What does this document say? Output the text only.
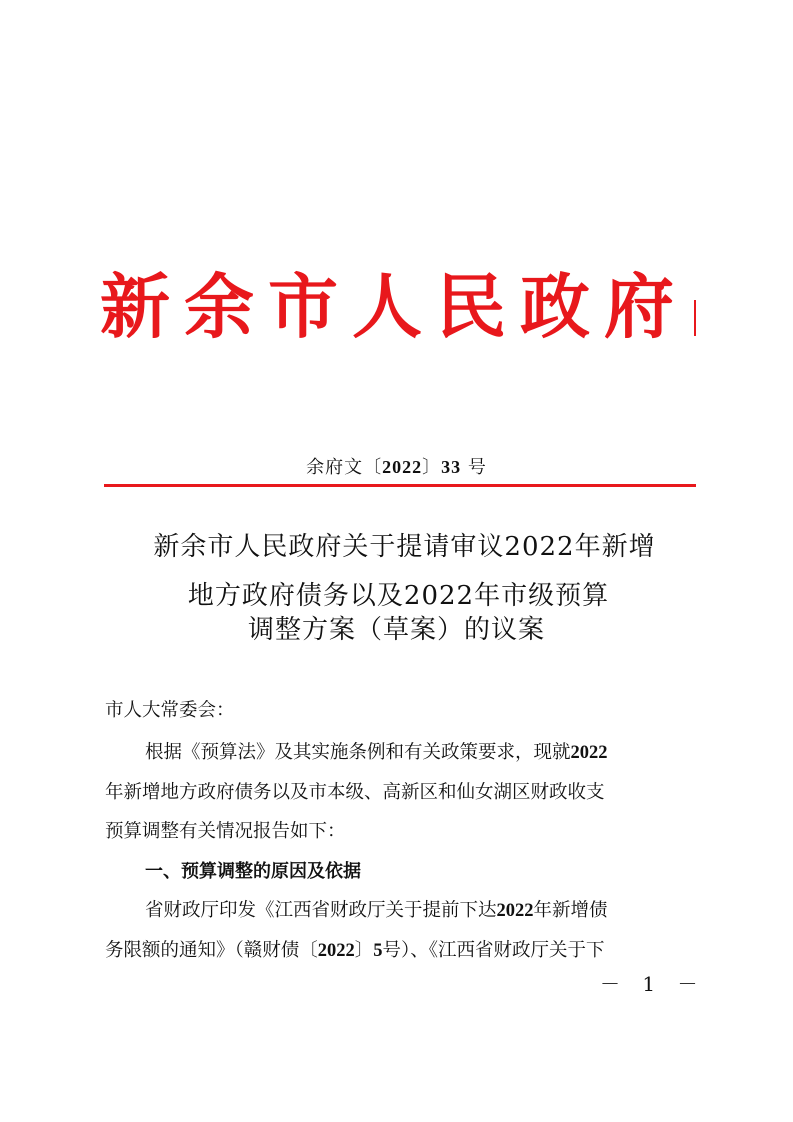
新余市人民政府
余府文〔2022〕33 号
新余市人民政府关于提请审议2022年新增
地方政府债务以及2022年市级预算
调整方案（草案）的议案
市人大常委会：
根据《预算法》及其实施条例和有关政策要求，现就2022
年新增地方政府债务以及市本级、高新区和仙女湖区财政收支
预算调整有关情况报告如下：
一、预算调整的原因及依据
省财政厅印发《江西省财政厅关于提前下达2022年新增债
务限额的通知》（赣财债〔2022〕5号）、《江西省财政厅关于下
－ 1 －
